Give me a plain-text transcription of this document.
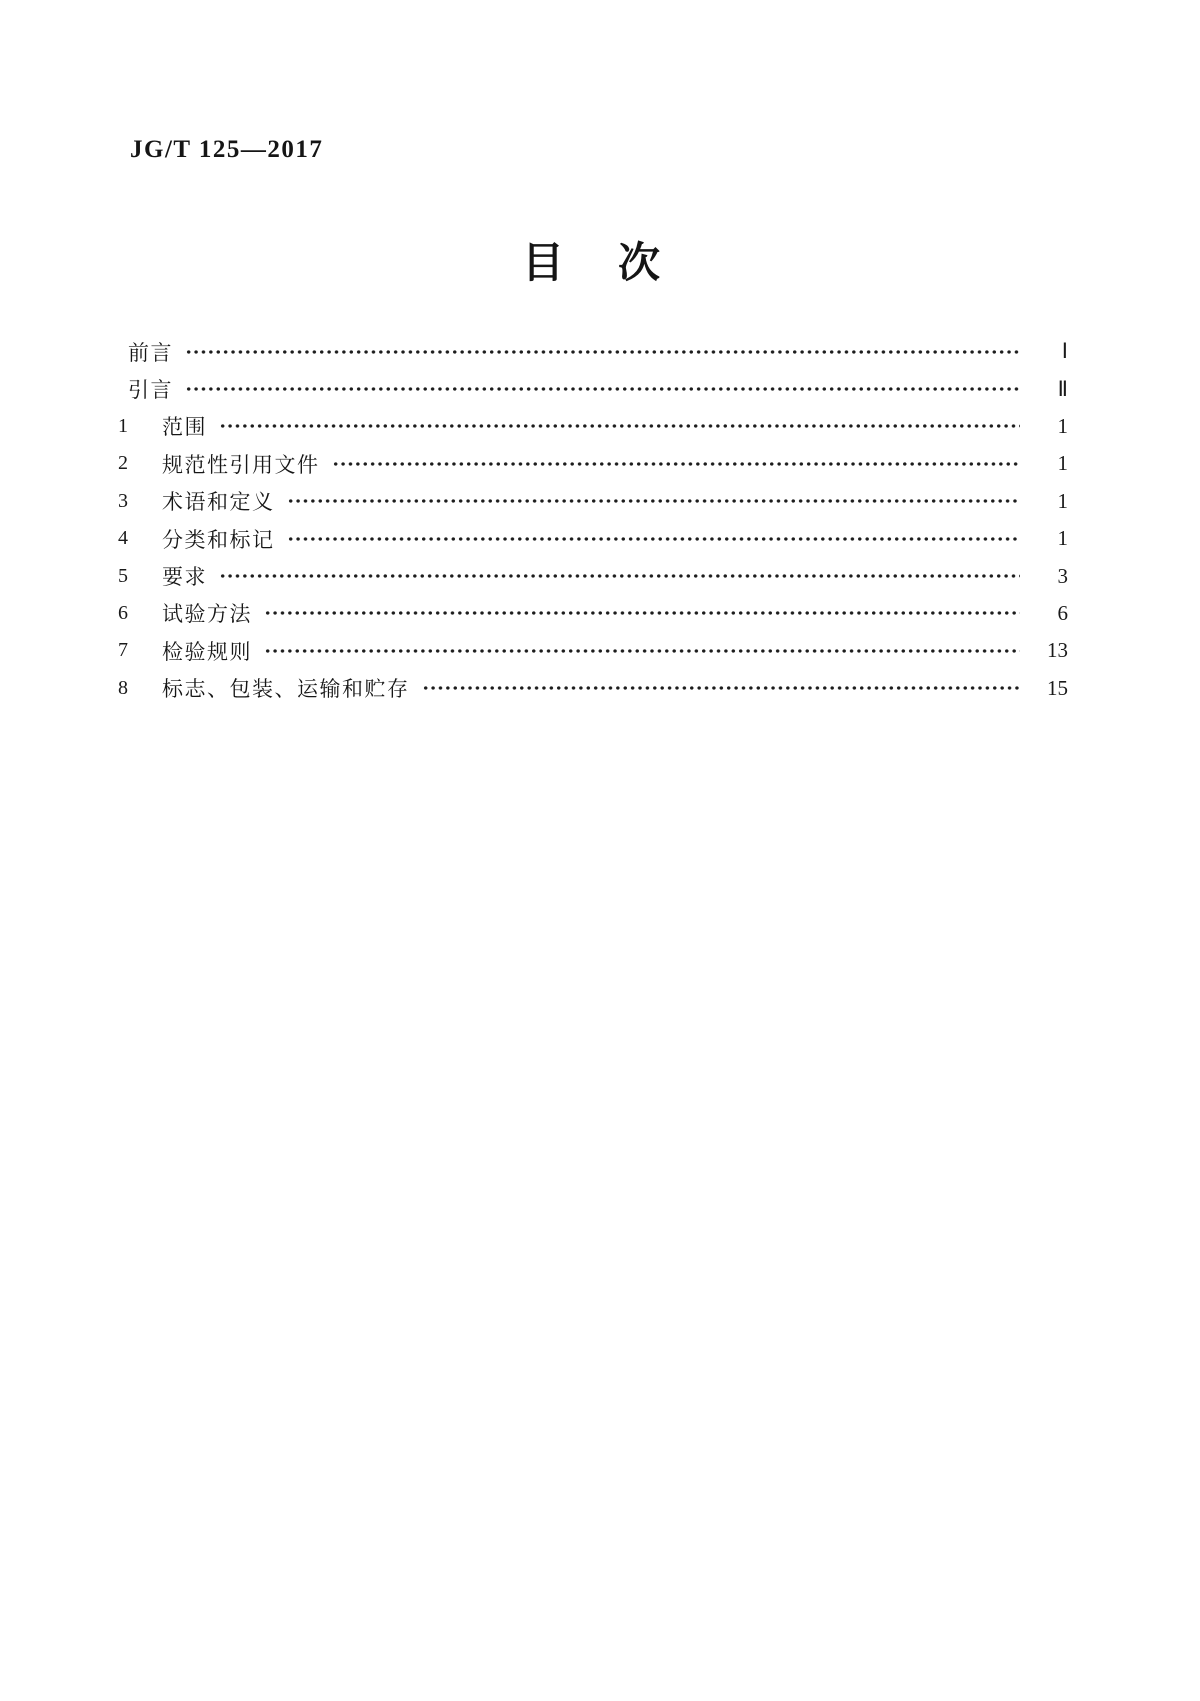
JG/T 125—2017
目　次
前言	Ⅰ
引言	Ⅱ
1	范围	1
2	规范性引用文件	1
3	术语和定义	1
4	分类和标记	1
5	要求	3
6	试验方法	6
7	检验规则	13
8	标志、包装、运输和贮存	15
